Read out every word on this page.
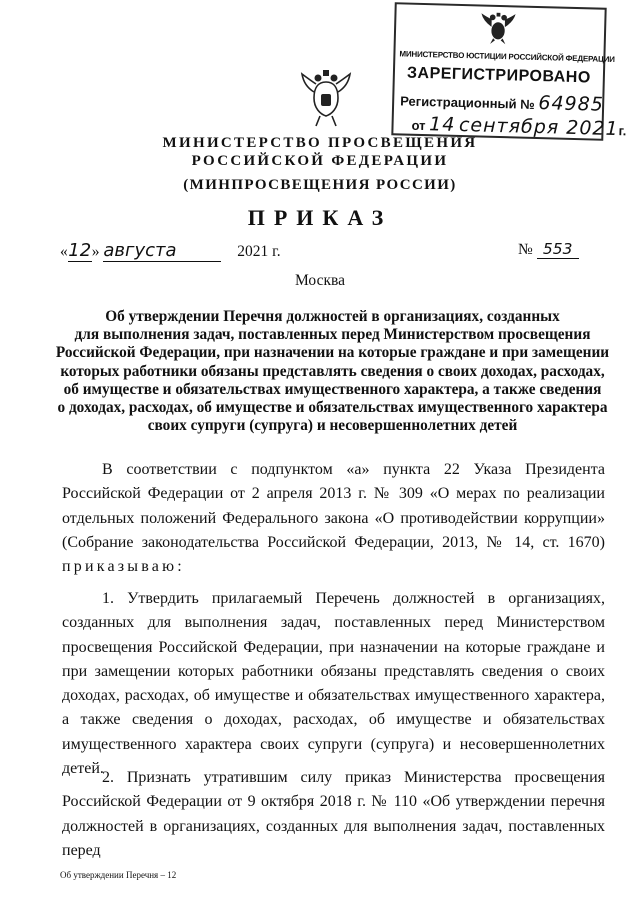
МИНИСТЕРСТВО ЮСТИЦИИ РОССИЙСКОЙ ФЕДЕРАЦИИ
ЗАРЕГИСТРИРОВАНО
Регистрационный № 64985
от 14 сентября 2021г.
МИНИСТЕРСТВО ПРОСВЕЩЕНИЯ
РОССИЙСКОЙ ФЕДЕРАЦИИ
(МИНПРОСВЕЩЕНИЯ РОССИИ)
ПРИКАЗ
«12» августа	2021 г.	№ 553
Москва
Об утверждении Перечня должностей в организациях, созданных
для выполнения задач, поставленных перед Министерством просвещения
Российской Федерации, при назначении на которые граждане и при замещении
которых работники обязаны представлять сведения о своих доходах, расходах,
об имуществе и обязательствах имущественного характера, а также сведения
о доходах, расходах, об имуществе и обязательствах имущественного характера
своих супруги (супруга) и несовершеннолетних детей
В соответствии с подпунктом «а» пункта 22 Указа Президента Российской Федерации от 2 апреля 2013 г. № 309 «О мерах по реализации отдельных положений Федерального закона «О противодействии коррупции» (Собрание законодательства Российской Федерации, 2013, № 14, ст. 1670) приказываю:
1. Утвердить прилагаемый Перечень должностей в организациях, созданных для выполнения задач, поставленных перед Министерством просвещения Российской Федерации, при назначении на которые граждане и при замещении которых работники обязаны представлять сведения о своих доходах, расходах, об имуществе и обязательствах имущественного характера, а также сведения о доходах, расходах, об имуществе и обязательствах имущественного характера своих супруги (супруга) и несовершеннолетних детей.
2. Признать утратившим силу приказ Министерства просвещения Российской Федерации от 9 октября 2018 г. № 110 «Об утверждении перечня должностей в организациях, созданных для выполнения задач, поставленных перед
Об утверждении Перечня – 12
